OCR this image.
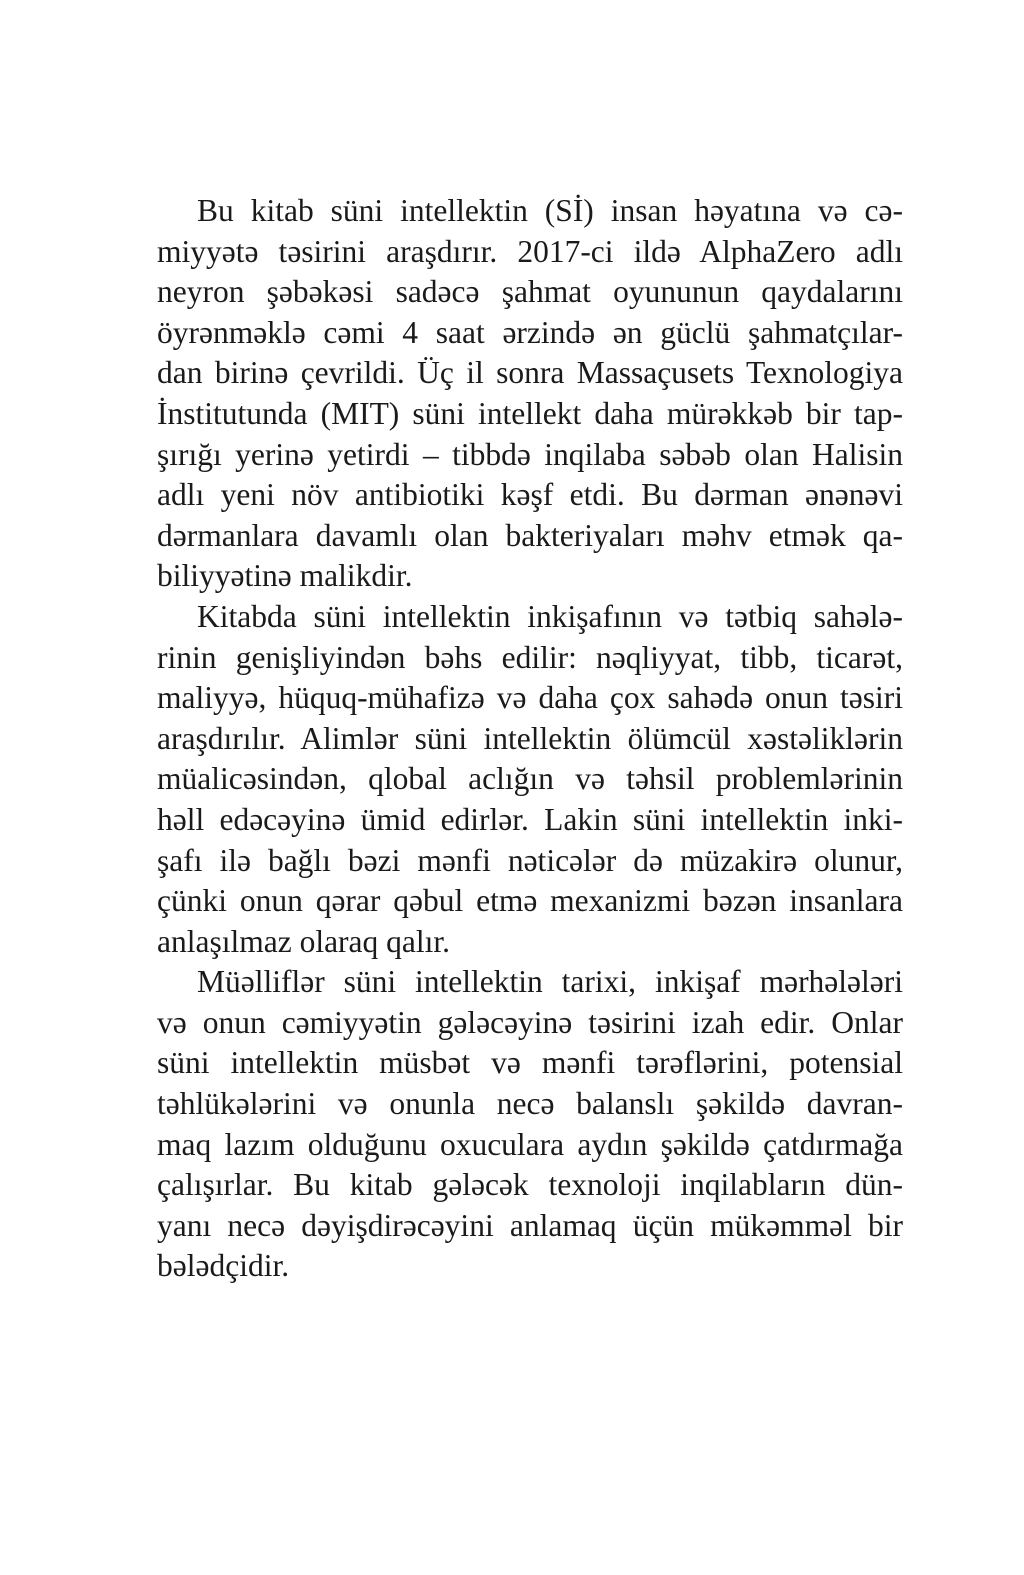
Bu kitab süni intellektin (Sİ) insan həyatına və cə-
miyyətə təsirini araşdırır. 2017-ci ildə AlphaZero adlı
neyron şəbəkəsi sadəcə şahmat oyununun qaydalarını
öyrənməklə cəmi 4 saat ərzində ən güclü şahmatçılar-
dan birinə çevrildi. Üç il sonra Massaçusets Texnologiya
İnstitutunda (MIT) süni intellekt daha mürəkkəb bir tap-
şırığı yerinə yetirdi – tibbdə inqilaba səbəb olan Halisin
adlı yeni növ antibiotiki kəşf etdi. Bu dərman ənənəvi
dərmanlara davamlı olan bakteriyaları məhv etmək qa-
biliyyətinə malikdir.
Kitabda süni intellektin inkişafının və tətbiq sahələ-
rinin genişliyindən bəhs edilir: nəqliyyat, tibb, ticarət,
maliyyə, hüquq-mühafizə və daha çox sahədə onun təsiri
araşdırılır. Alimlər süni intellektin ölümcül xəstəliklərin
müalicəsindən, qlobal aclığın və təhsil problemlərinin
həll edəcəyinə ümid edirlər. Lakin süni intellektin inki-
şafı ilə bağlı bəzi mənfi nəticələr də müzakirə olunur,
çünki onun qərar qəbul etmə mexanizmi bəzən insanlara
anlaşılmaz olaraq qalır.
Müəlliflər süni intellektin tarixi, inkişaf mərhələləri
və onun cəmiyyətin gələcəyinə təsirini izah edir. Onlar
süni intellektin müsbət və mənfi tərəflərini, potensial
təhlükələrini və onunla necə balanslı şəkildə davran-
maq lazım olduğunu oxuculara aydın şəkildə çatdırmağa
çalışırlar. Bu kitab gələcək texnoloji inqilabların dün-
yanı necə dəyişdirəcəyini anlamaq üçün mükəmməl bir
bələdçidir.
